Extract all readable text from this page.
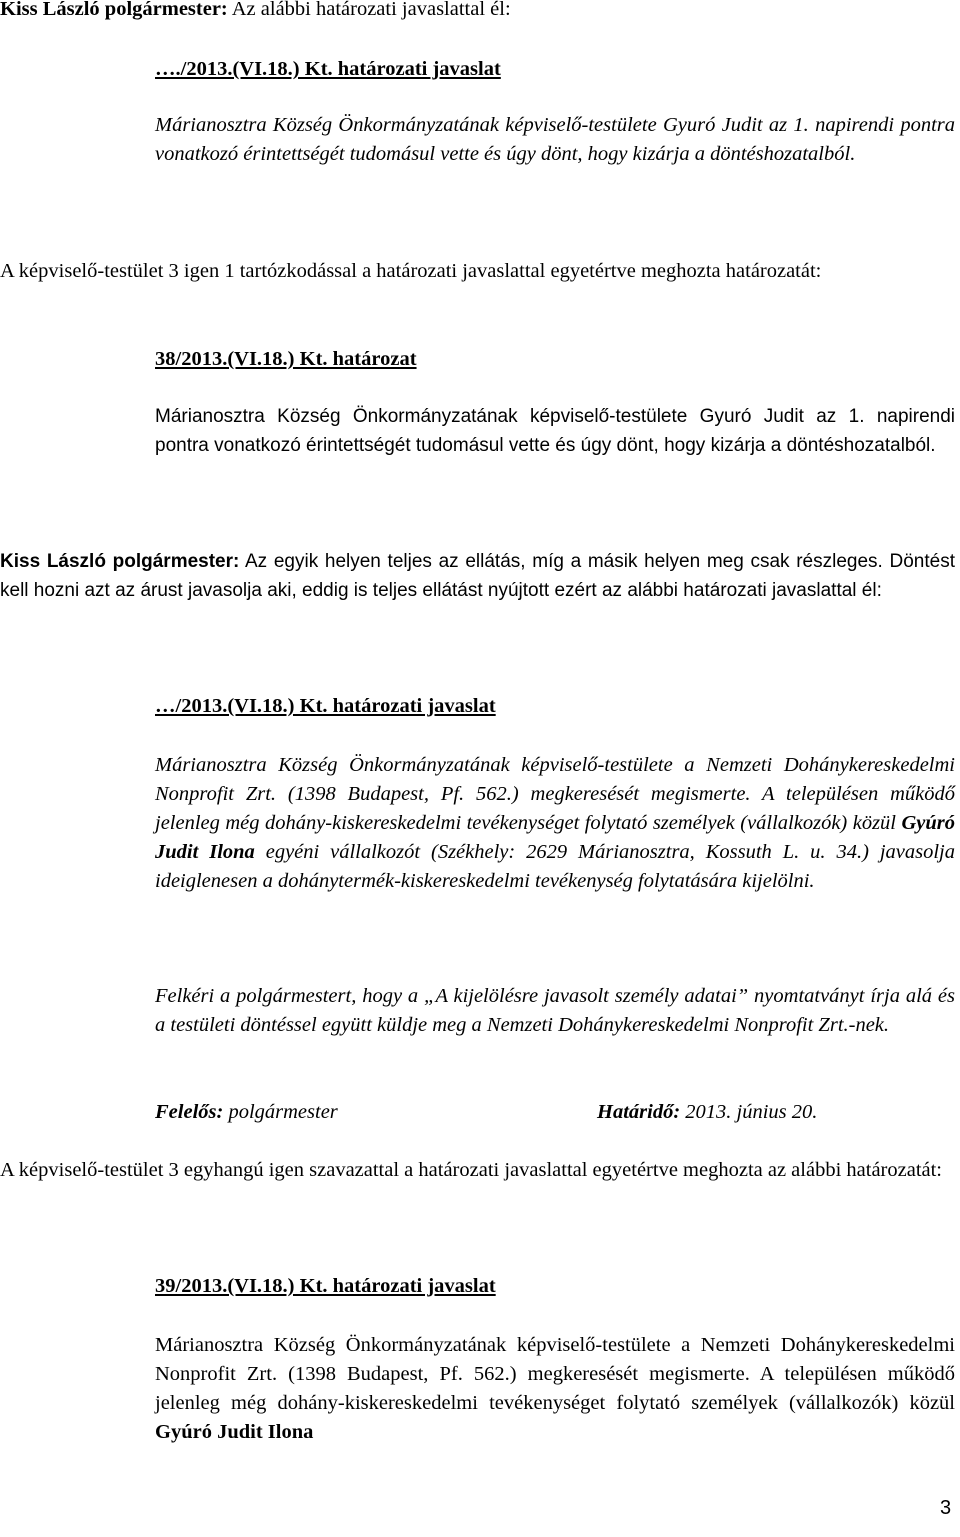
Kiss László polgármester: Az alábbi határozati javaslattal él:

…./2013.(VI.18.) Kt. határozati javaslat

Márianosztra Község Önkormányzatának képviselő-testülete Gyuró Judit az 1. napirendi pontra vonatkozó érintettségét tudomásul vette és úgy dönt, hogy kizárja a döntéshozatalból.

A képviselő-testület 3 igen 1 tartózkodással a határozati javaslattal egyetértve meghozta határozatát:

38/2013.(VI.18.) Kt. határozat

Márianosztra Község Önkormányzatának képviselő-testülete Gyuró Judit az 1. napirendi pontra vonatkozó érintettségét tudomásul vette és úgy dönt, hogy kizárja a döntéshozatalból.

Kiss László polgármester: Az egyik helyen teljes az ellátás, míg a másik helyen meg csak részleges. Döntést kell hozni azt az árust javasolja aki, eddig is teljes ellátást nyújtott ezért az alábbi határozati javaslattal él:

…/2013.(VI.18.) Kt. határozati javaslat

Márianosztra Község Önkormányzatának képviselő-testülete a Nemzeti Dohánykereskedelmi Nonprofit Zrt. (1398 Budapest, Pf. 562.) megkeresését megismerte. A településen működő jelenleg még dohány-kiskereskedelmi tevékenységet folytató személyek (vállalkozók) közül Gyúró Judit Ilona egyéni vállalkozót (Székhely: 2629 Márianosztra, Kossuth L. u. 34.) javasolja ideiglenesen a dohánytermék-kiskereskedelmi tevékenység folytatására kijelölni.

Felkéri a polgármestert, hogy a „A kijelölésre javasolt személy adatai” nyomtatványt írja alá és a testületi döntéssel együtt küldje meg a Nemzeti Dohánykereskedelmi Nonprofit Zrt.-nek.

Felelős: polgármester	Határidő: 2013. június 20.

A képviselő-testület 3 egyhangú igen szavazattal a határozati javaslattal egyetértve meghozta az alábbi határozatát:

39/2013.(VI.18.) Kt. határozati javaslat

Márianosztra Község Önkormányzatának képviselő-testülete a Nemzeti Dohánykereskedelmi Nonprofit Zrt. (1398 Budapest, Pf. 562.) megkeresését megismerte. A településen működő jelenleg még dohány-kiskereskedelmi tevékenységet folytató személyek (vállalkozók) közül Gyúró Judit Ilona

3
